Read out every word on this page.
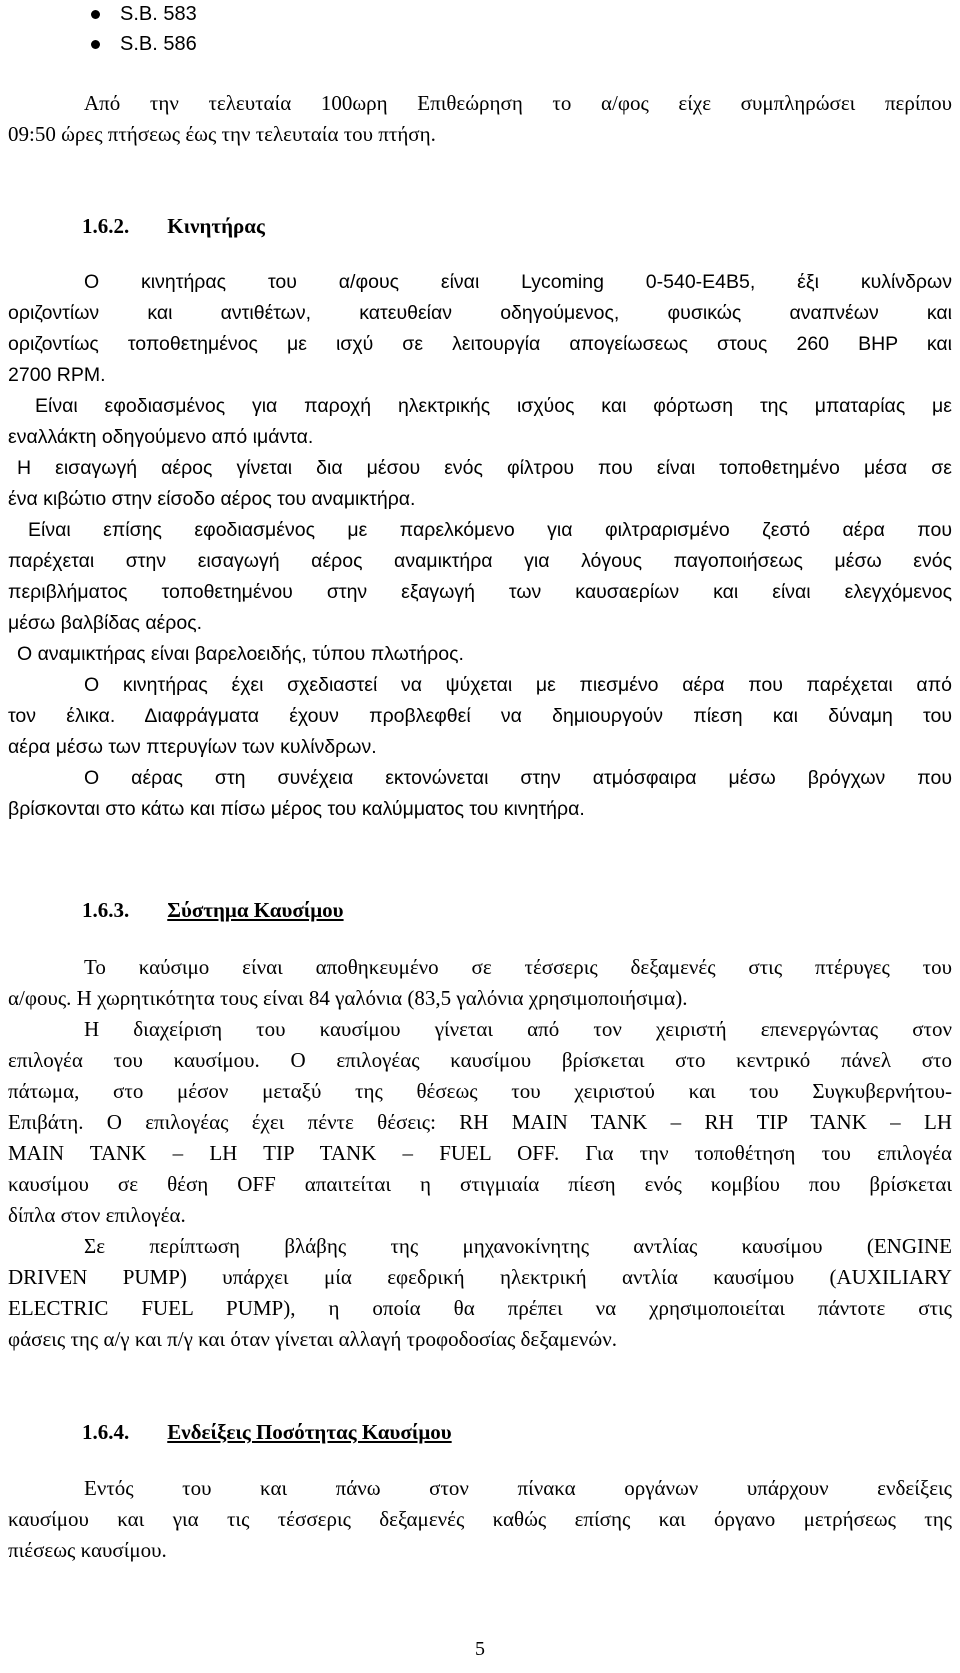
S.B. 583
S.B. 586
Από την τελευταία 100ωρη Επιθεώρηση το α/φος είχε συμπληρώσει περίπου
09:50 ώρες πτήσεως έως την τελευταία του πτήση.
1.6.2. Κινητήρας
Ο κινητήρας του α/φους είναι Lycoming 0-540-E4B5, έξι κυλίνδρων
οριζοντίων και αντιθέτων, κατευθείαν οδηγούμενος, φυσικώς αναπνέων και
οριζοντίως τοποθετημένος με ισχύ σε λειτουργία απογείωσεως στους 260 BHP και
2700 RPM.
Είναι εφοδιασμένος για παροχή ηλεκτρικής ισχύος και φόρτωση της μπαταρίας με
εναλλάκτη οδηγούμενο από ιμάντα.
Η εισαγωγή αέρος γίνεται δια μέσου ενός φίλτρου που είναι τοποθετημένο μέσα σε
ένα κιβώτιο στην είσοδο αέρος του αναμικτήρα.
Είναι επίσης εφοδιασμένος με παρελκόμενο για φιλτραρισμένο ζεστό αέρα που
παρέχεται στην εισαγωγή αέρος αναμικτήρα για λόγους παγοποιήσεως μέσω ενός
περιβλήματος τοποθετημένου στην εξαγωγή των καυσαερίων και είναι ελεγχόμενος
μέσω βαλβίδας αέρος.
Ο αναμικτήρας είναι βαρελοειδής, τύπου πλωτήρος.
Ο κινητήρας έχει σχεδιαστεί να ψύχεται με πιεσμένο αέρα που παρέχεται από
τον έλικα. Διαφράγματα έχουν προβλεφθεί να δημιουργούν πίεση και δύναμη του
αέρα μέσω των πτερυγίων των κυλίνδρων.
Ο αέρας στη συνέχεια εκτονώνεται στην ατμόσφαιρα μέσω βρόγχων που
βρίσκονται στο κάτω και πίσω μέρος του καλύμματος του κινητήρα.
1.6.3. Σύστημα Καυσίμου
Το καύσιμο είναι αποθηκευμένο σε τέσσερις δεξαμενές στις πτέρυγες του
α/φους. Η χωρητικότητα τους είναι 84 γαλόνια (83,5 γαλόνια χρησιμοποιήσιμα).
Η διαχείριση του καυσίμου γίνεται από τον χειριστή επενεργώντας στον
επιλογέα του καυσίμου. Ο επιλογέας καυσίμου βρίσκεται στο κεντρικό πάνελ στο
πάτωμα, στο μέσον μεταξύ της θέσεως του χειριστού και του Συγκυβερνήτου-
Επιβάτη. Ο επιλογέας έχει πέντε θέσεις: RH MAIN TANK – RH TIP TANK – LH
MAIN TANK – LH TIP TANK – FUEL OFF. Για την τοποθέτηση του επιλογέα
καυσίμου σε θέση OFF απαιτείται η στιγμιαία πίεση ενός κομβίου που βρίσκεται
δίπλα στον επιλογέα.
Σε περίπτωση βλάβης της μηχανοκίνητης αντλίας καυσίμου (ENGINE
DRIVEN PUMP) υπάρχει μία εφεδρική ηλεκτρική αντλία καυσίμου (AUXILIARY
ELECTRIC FUEL PUMP), η οποία θα πρέπει να χρησιμοποιείται πάντοτε στις
φάσεις της α/γ και π/γ και όταν γίνεται αλλαγή τροφοδοσίας δεξαμενών.
1.6.4. Ενδείξεις Ποσότητας Καυσίμου
Εντός του και πάνω στον πίνακα οργάνων υπάρχουν ενδείξεις
καυσίμου και για τις τέσσερις δεξαμενές καθώς επίσης και όργανο μετρήσεως της
πιέσεως καυσίμου.
5
